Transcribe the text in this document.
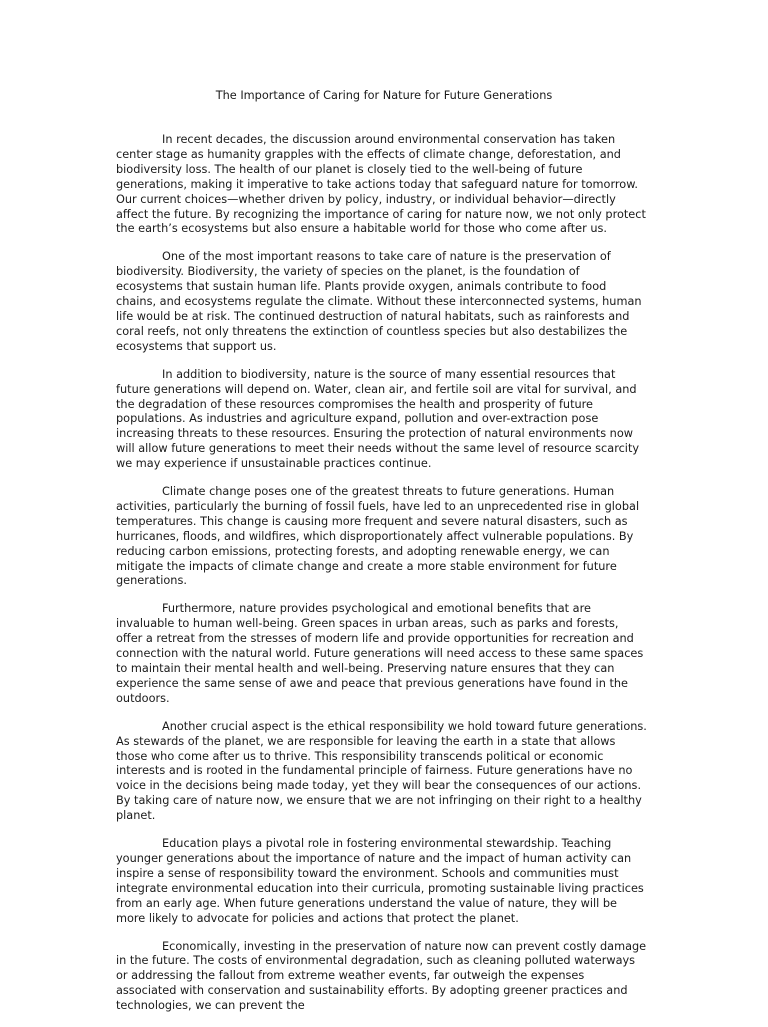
The Importance of Caring for Nature for Future Generations

In recent decades, the discussion around environmental conservation has taken center stage as humanity grapples with the effects of climate change, deforestation, and biodiversity loss. The health of our planet is closely tied to the well-being of future generations, making it imperative to take actions today that safeguard nature for tomorrow. Our current choices—whether driven by policy, industry, or individual behavior—directly affect the future. By recognizing the importance of caring for nature now, we not only protect the earth’s ecosystems but also ensure a habitable world for those who come after us.

One of the most important reasons to take care of nature is the preservation of biodiversity. Biodiversity, the variety of species on the planet, is the foundation of ecosystems that sustain human life. Plants provide oxygen, animals contribute to food chains, and ecosystems regulate the climate. Without these interconnected systems, human life would be at risk. The continued destruction of natural habitats, such as rainforests and coral reefs, not only threatens the extinction of countless species but also destabilizes the ecosystems that support us.

In addition to biodiversity, nature is the source of many essential resources that future generations will depend on. Water, clean air, and fertile soil are vital for survival, and the degradation of these resources compromises the health and prosperity of future populations. As industries and agriculture expand, pollution and over-extraction pose increasing threats to these resources. Ensuring the protection of natural environments now will allow future generations to meet their needs without the same level of resource scarcity we may experience if unsustainable practices continue.

Climate change poses one of the greatest threats to future generations. Human activities, particularly the burning of fossil fuels, have led to an unprecedented rise in global temperatures. This change is causing more frequent and severe natural disasters, such as hurricanes, floods, and wildfires, which disproportionately affect vulnerable populations. By reducing carbon emissions, protecting forests, and adopting renewable energy, we can mitigate the impacts of climate change and create a more stable environment for future generations.

Furthermore, nature provides psychological and emotional benefits that are invaluable to human well-being. Green spaces in urban areas, such as parks and forests, offer a retreat from the stresses of modern life and provide opportunities for recreation and connection with the natural world. Future generations will need access to these same spaces to maintain their mental health and well-being. Preserving nature ensures that they can experience the same sense of awe and peace that previous generations have found in the outdoors.

Another crucial aspect is the ethical responsibility we hold toward future generations. As stewards of the planet, we are responsible for leaving the earth in a state that allows those who come after us to thrive. This responsibility transcends political or economic interests and is rooted in the fundamental principle of fairness. Future generations have no voice in the decisions being made today, yet they will bear the consequences of our actions. By taking care of nature now, we ensure that we are not infringing on their right to a healthy planet.

Education plays a pivotal role in fostering environmental stewardship. Teaching younger generations about the importance of nature and the impact of human activity can inspire a sense of responsibility toward the environment. Schools and communities must integrate environmental education into their curricula, promoting sustainable living practices from an early age. When future generations understand the value of nature, they will be more likely to advocate for policies and actions that protect the planet.

Economically, investing in the preservation of nature now can prevent costly damage in the future. The costs of environmental degradation, such as cleaning polluted waterways or addressing the fallout from extreme weather events, far outweigh the expenses associated with conservation and sustainability efforts. By adopting greener practices and technologies, we can prevent the
